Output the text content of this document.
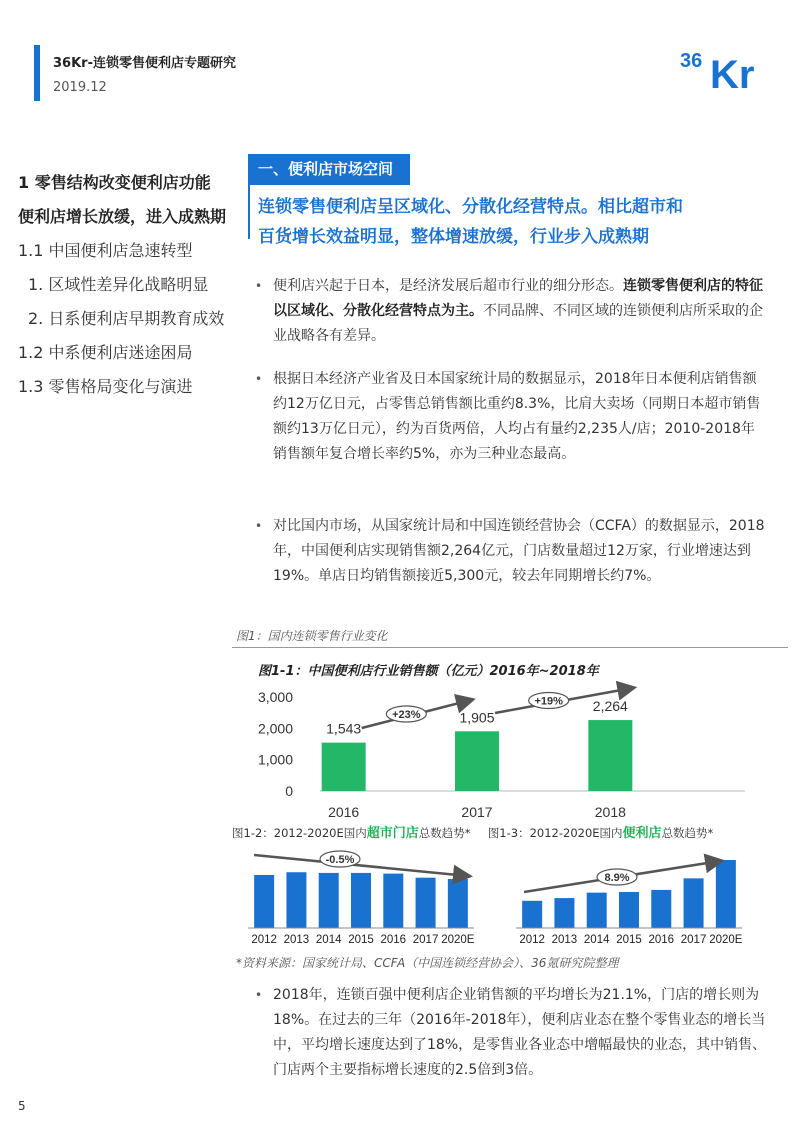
36Kr-连锁零售便利店专题研究
2019.12
36 Kr
1 零售结构改变便利店功能
便利店增长放缓，进入成熟期
1.1 中国便利店急速转型
1. 区域性差异化战略明显
2. 日系便利店早期教育成效
1.2 中系便利店迷途困局
1.3 零售格局变化与演进
一、便利店市场空间
连锁零售便利店呈区域化、分散化经营特点。相比超市和
百货增长效益明显，整体增速放缓，行业步入成熟期
• 便利店兴起于日本，是经济发展后超市行业的细分形态。连锁零售便利店的特征以区域化、分散化经营特点为主。不同品牌、不同区域的连锁便利店所采取的企业战略各有差异。
• 根据日本经济产业省及日本国家统计局的数据显示，2018年日本便利店销售额约12万亿日元，占零售总销售额比重约8.3%，比肩大卖场（同期日本超市销售额约13万亿日元），约为百货两倍，人均占有量约2,235人/店；2010-2018年销售额年复合增长率约5%，亦为三种业态最高。
• 对比国内市场，从国家统计局和中国连锁经营协会（CCFA）的数据显示，2018年，中国便利店实现销售额2,264亿元，门店数量超过12万家，行业增速达到19%。单店日均销售额接近5,300元，较去年同期增长约7%。
图1：国内连锁零售行业变化
图1-1：中国便利店行业销售额（亿元）2016年~2018年
0
1,000
2,000
3,000
1,543
2016
1,905
2017
2,264
2018
+23%
+19%
图1-2：2012-2020E国内超市门店总数趋势* 图1-3：2012-2020E国内便利店总数趋势*
2012 2013 2014 2015 2016 2017 2020E
-0.5%
2012 2013 2014 2015 2016 2017 2020E
8.9%
*资料来源：国家统计局、CCFA（中国连锁经营协会）、36氪研究院整理
• 2018年，连锁百强中便利店企业销售额的平均增长为21.1%，门店的增长则为18%。在过去的三年（2016年-2018年），便利店业态在整个零售业态的增长当中，平均增长速度达到了18%，是零售业各业态中增幅最快的业态，其中销售、门店两个主要指标增长速度的2.5倍到3倍。
5
